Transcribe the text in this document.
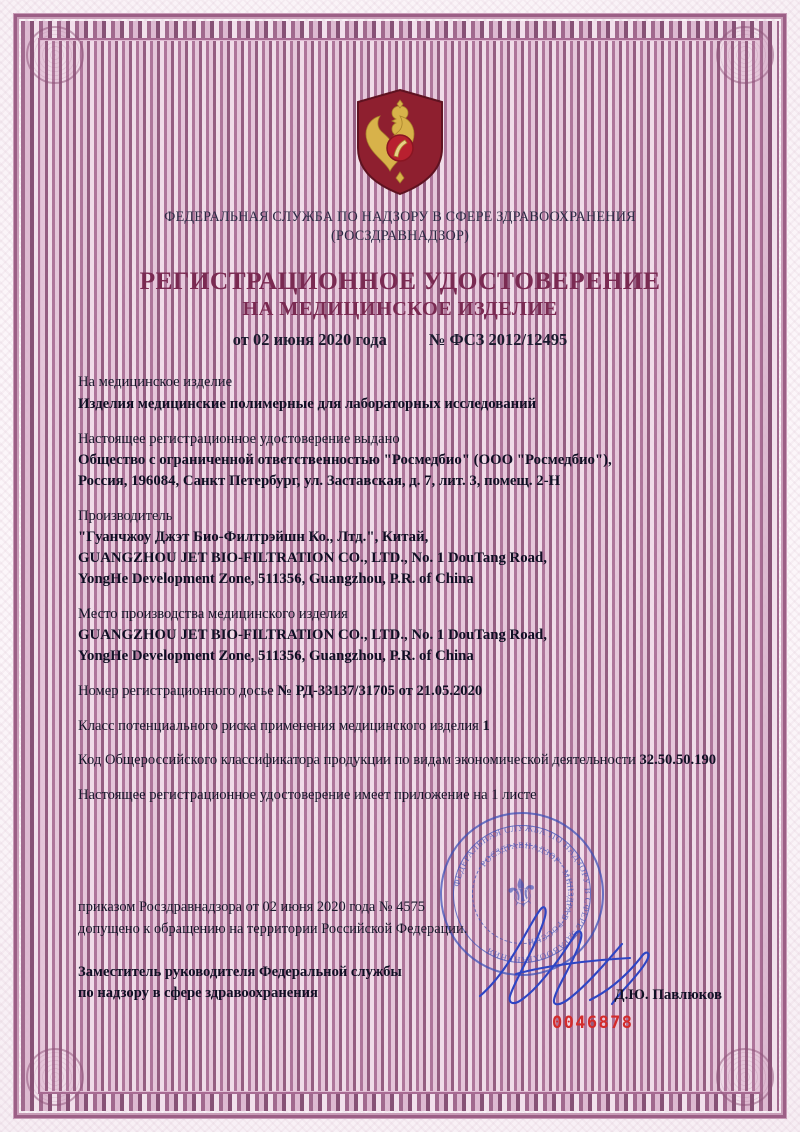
ФЕДЕРАЛЬНАЯ СЛУЖБА ПО НАДЗОРУ В СФЕРЕ ЗДРАВООХРАНЕНИЯ
(РОСЗДРАВНАДЗОР)
РЕГИСТРАЦИОННОЕ УДОСТОВЕРЕНИЕ
НА МЕДИЦИНСКОЕ ИЗДЕЛИЕ
от 02 июня 2020 года	№ ФСЗ 2012/12495
На медицинское изделие
Изделия медицинские полимерные для лабораторных исследований
Настоящее регистрационное удостоверение выдано
Общество с ограниченной ответственностью "Росмедбио" (ООО "Росмедбио"),
Россия, 196084, Санкт Петербург, ул. Заставская, д. 7, лит. 3, помещ. 2-Н
Производитель
"Гуанчжоу Джэт Био-Филтрэйшн Ко., Лтд.", Китай,
GUANGZHOU JET BIO-FILTRATION CO., LTD., No. 1 DouTang Road,
YongHe Development Zone, 511356, Guangzhou, P.R. of China
Место производства медицинского изделия
GUANGZHOU JET BIO-FILTRATION CO., LTD., No. 1 DouTang Road,
YongHe Development Zone, 511356, Guangzhou, P.R. of China
Номер регистрационного досье № РД-33137/31705 от 21.05.2020
Класс потенциального риска применения медицинского изделия 1
Код Общероссийского классификатора продукции по видам экономической деятельности 32.50.50.190
Настоящее регистрационное удостоверение имеет приложение на 1 листе
ФЕДЕРАЛЬНАЯ СЛУЖБА ПО НАДЗОРУ В СФЕРЕ ЗДРАВООХРАНЕНИЯ
РОСЗДРАВНАДЗОР · МИНЗДРАВ РОССИИ
⚜
приказом Росздравнадзора от 02 июня 2020 года № 4575
допущено к обращению на территории Российской Федерации.
Заместитель руководителя Федеральной службы
по надзору в сфере здравоохранения	Д.Ю. Павлюков
0046878
